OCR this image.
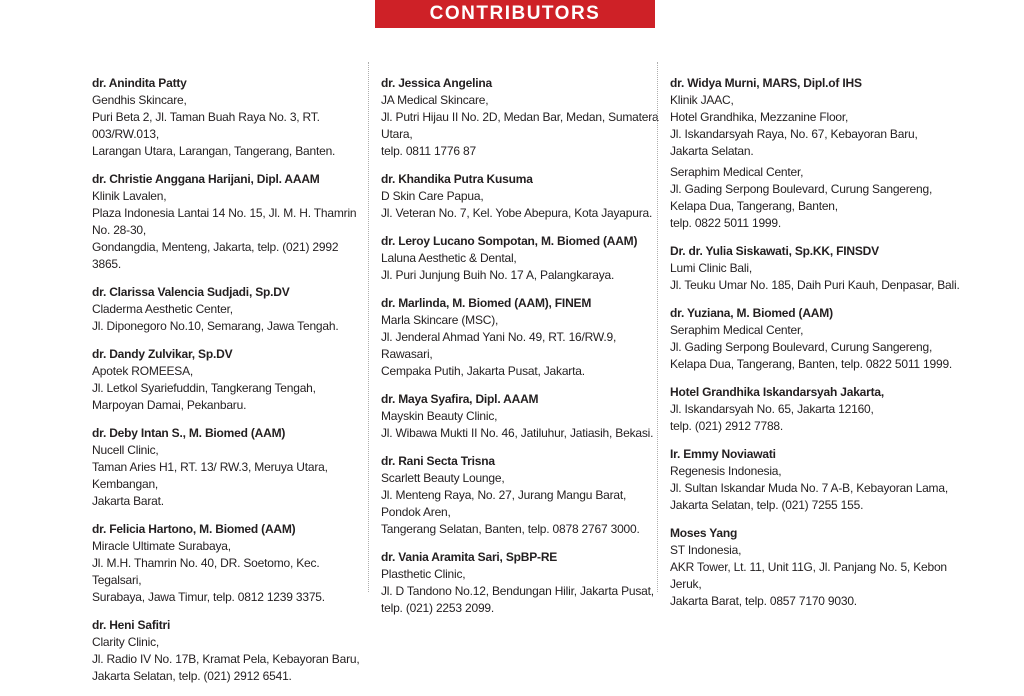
CONTRIBUTORS
dr. Anindita Patty
Gendhis Skincare,
Puri Beta 2, Jl. Taman Buah Raya No. 3, RT. 003/RW.013,
Larangan Utara, Larangan, Tangerang, Banten.
dr. Christie Anggana Harijani, Dipl. AAAM
Klinik Lavalen,
Plaza Indonesia Lantai 14 No. 15, Jl. M. H. Thamrin No. 28-30,
Gondangdia, Menteng, Jakarta, telp. (021) 2992 3865.
dr. Clarissa Valencia Sudjadi, Sp.DV
Claderma Aesthetic Center,
Jl. Diponegoro No.10, Semarang, Jawa Tengah.
dr. Dandy Zulvikar, Sp.DV
Apotek ROMEESA,
Jl. Letkol Syariefuddin, Tangkerang Tengah,
Marpoyan Damai, Pekanbaru.
dr. Deby Intan S., M. Biomed (AAM)
Nucell Clinic,
Taman Aries H1, RT. 13/ RW.3, Meruya Utara, Kembangan,
Jakarta Barat.
dr. Felicia Hartono, M. Biomed (AAM)
Miracle Ultimate Surabaya,
Jl. M.H. Thamrin No. 40, DR. Soetomo, Kec. Tegalsari,
Surabaya, Jawa Timur, telp. 0812 1239 3375.
dr. Heni Safitri
Clarity Clinic,
Jl. Radio IV No. 17B, Kramat Pela, Kebayoran Baru,
Jakarta Selatan, telp. (021) 2912 6541.
dr. Jessica Angelina
JA Medical Skincare,
Jl. Putri Hijau II No. 2D, Medan Bar, Medan, Sumatera Utara,
telp. 0811 1776 87
dr. Khandika Putra Kusuma
D Skin Care Papua,
Jl. Veteran No. 7, Kel. Yobe Abepura, Kota Jayapura.
dr. Leroy Lucano Sompotan, M. Biomed (AAM)
Laluna Aesthetic & Dental,
Jl. Puri Junjung Buih No. 17 A, Palangkaraya.
dr. Marlinda, M. Biomed (AAM), FINEM
Marla Skincare (MSC),
Jl. Jenderal Ahmad Yani No. 49, RT. 16/RW.9, Rawasari,
Cempaka Putih, Jakarta Pusat, Jakarta.
dr. Maya Syafira, Dipl. AAAM
Mayskin Beauty Clinic,
Jl. Wibawa Mukti II No. 46, Jatiluhur, Jatiasih, Bekasi.
dr. Rani Secta Trisna
Scarlett Beauty Lounge,
Jl. Menteng Raya, No. 27, Jurang Mangu Barat, Pondok Aren,
Tangerang Selatan, Banten, telp. 0878 2767 3000.
dr. Vania Aramita Sari, SpBP-RE
Plasthetic Clinic,
Jl. D Tandono No.12, Bendungan Hilir, Jakarta Pusat,
telp. (021) 2253 2099.
dr. Widya Murni, MARS, Dipl.of IHS
Klinik JAAC,
Hotel Grandhika, Mezzanine Floor,
Jl. Iskandarsyah Raya, No. 67, Kebayoran Baru,
Jakarta Selatan.
Seraphim Medical Center,
Jl. Gading Serpong Boulevard, Curung Sangereng,
Kelapa Dua, Tangerang, Banten,
telp. 0822 5011 1999.
Dr. dr. Yulia Siskawati, Sp.KK, FINSDV
Lumi Clinic Bali,
Jl. Teuku Umar No. 185, Daih Puri Kauh, Denpasar, Bali.
dr. Yuziana, M. Biomed (AAM)
Seraphim Medical Center,
Jl. Gading Serpong Boulevard, Curung Sangereng,
Kelapa Dua, Tangerang, Banten, telp. 0822 5011 1999.
Hotel Grandhika Iskandarsyah Jakarta,
Jl. Iskandarsyah No. 65, Jakarta 12160,
telp. (021) 2912 7788.
Ir. Emmy Noviawati
Regenesis Indonesia,
Jl. Sultan Iskandar Muda No. 7 A-B, Kebayoran Lama,
Jakarta Selatan, telp. (021) 7255 155.
Moses Yang
ST Indonesia,
AKR Tower, Lt. 11, Unit 11G, Jl. Panjang No. 5, Kebon Jeruk,
Jakarta Barat, telp. 0857 7170 9030.
